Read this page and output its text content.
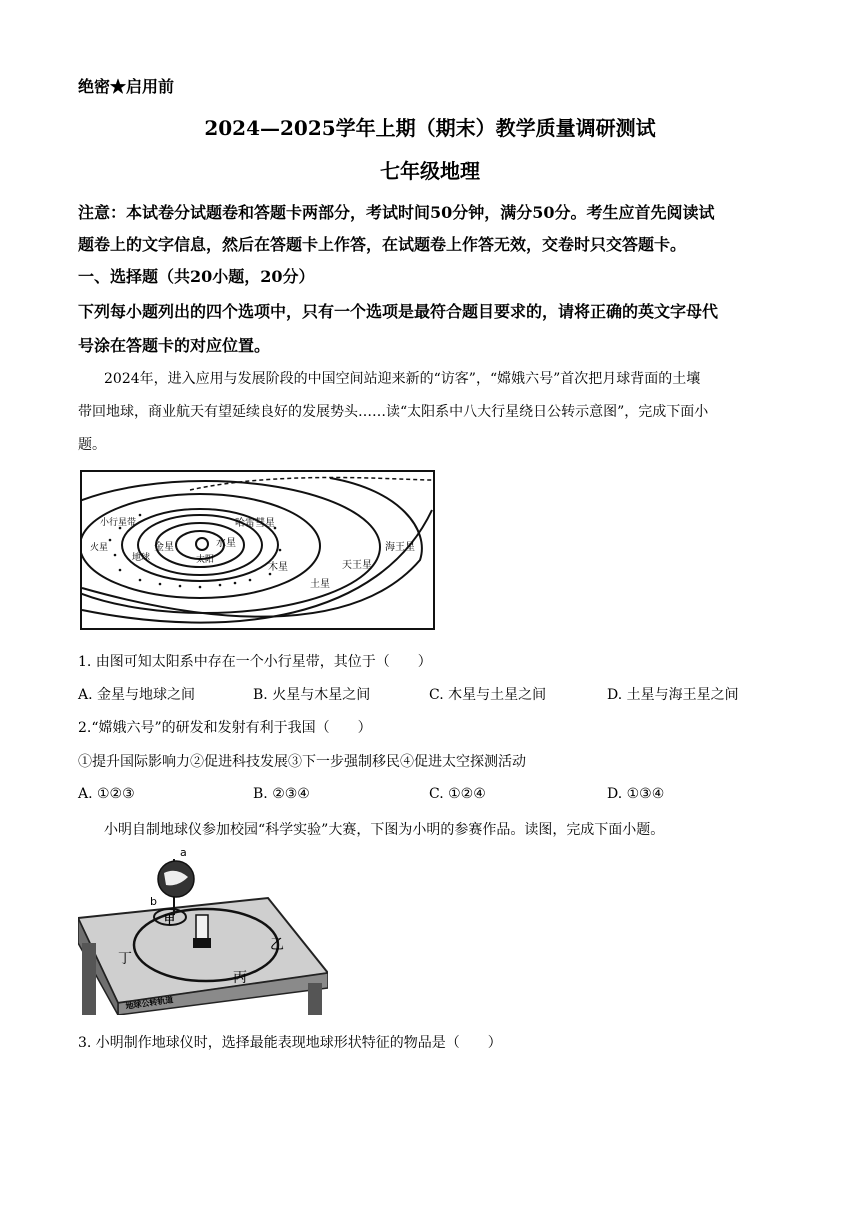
绝密★启用前
2024—2025学年上期（期末）教学质量调研测试
七年级地理
注意：本试卷分试题卷和答题卡两部分，考试时间50分钟，满分50分。考生应首先阅读试
题卷上的文字信息，然后在答题卡上作答，在试题卷上作答无效，交卷时只交答题卡。
一、选择题（共20小题，20分）
下列每小题列出的四个选项中，只有一个选项是最符合题目要求的，请将正确的英文字母代
号涂在答题卡的对应位置。
2024年，进入应用与发展阶段的中国空间站迎来新的“访客”，“嫦娥六号”首次把月球背面的土壤
带回地球，商业航天有望延续良好的发展势头……读“太阳系中八大行星绕日公转示意图”，完成下面小
题。
太阳
水星
金星
地球
火星
木星
土星
天王星
海王星
哈雷彗星
小行星带
1. 由图可知太阳系中存在一个小行星带，其位于（　　）
A. 金星与地球之间	B. 火星与木星之间	C. 木星与土星之间	D. 土星与海王星之间
2.“嫦娥六号”的研发和发射有利于我国（　　）
①提升国际影响力②促进科技发展③下一步强制移民④促进太空探测活动
A. ①②③	B. ②③④	C. ①②④	D. ①③④
小明自制地球仪参加校园“科学实验”大赛，下图为小明的参赛作品。读图，完成下面小题。
a
b
甲
乙
丙
丁
地球公转轨道
3. 小明制作地球仪时，选择最能表现地球形状特征的物品是（　　）
